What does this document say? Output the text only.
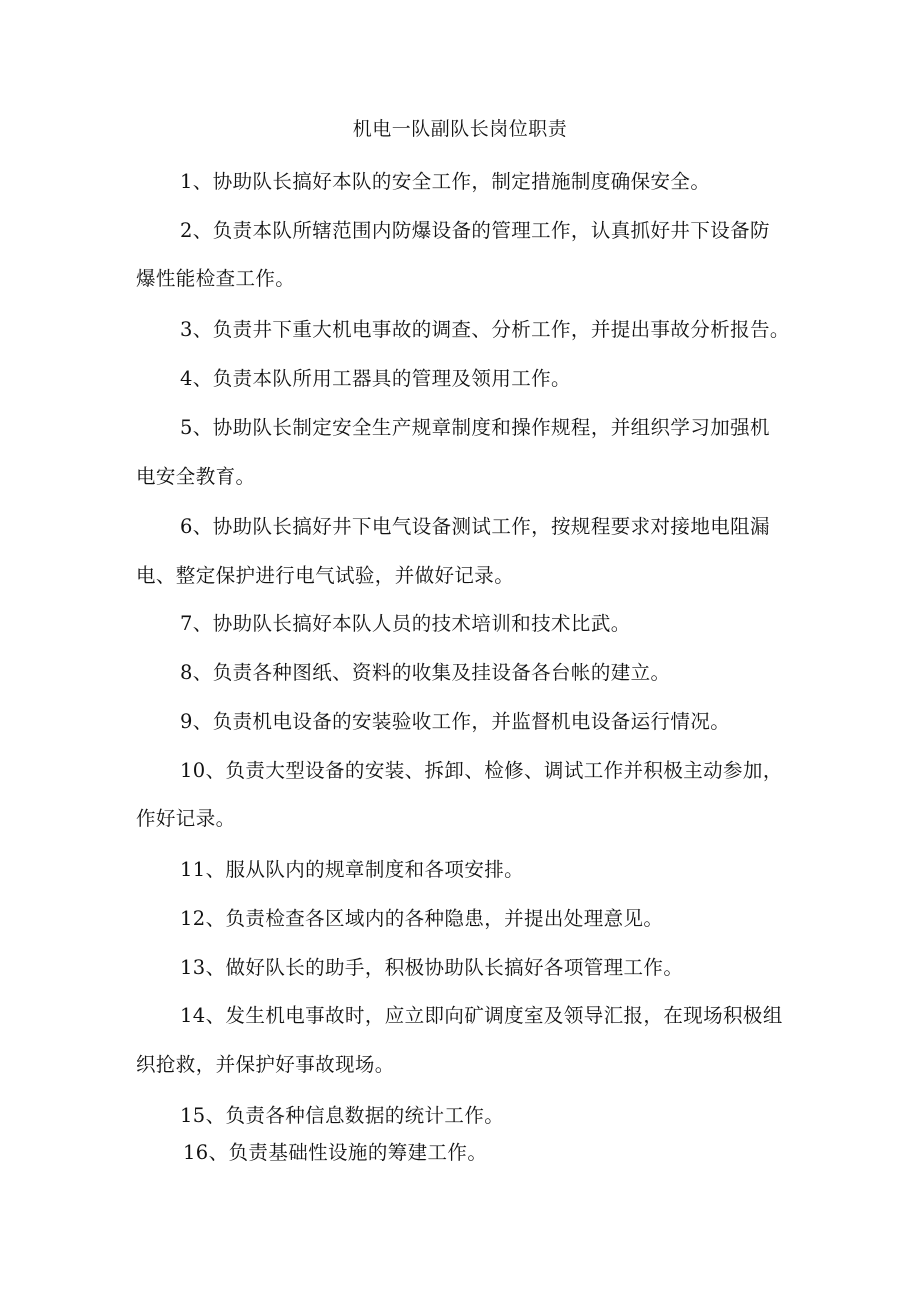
机电一队副队长岗位职责
1、协助队长搞好本队的安全工作，制定措施制度确保安全。
2、负责本队所辖范围内防爆设备的管理工作，认真抓好井下设备防
爆性能检查工作。
3、负责井下重大机电事故的调查、分析工作，并提出事故分析报告。
4、负责本队所用工器具的管理及领用工作。
5、协助队长制定安全生产规章制度和操作规程，并组织学习加强机
电安全教育。
6、协助队长搞好井下电气设备测试工作，按规程要求对接地电阻漏
电、整定保护进行电气试验，并做好记录。
7、协助队长搞好本队人员的技术培训和技术比武。
8、负责各种图纸、资料的收集及挂设备各台帐的建立。
9、负责机电设备的安装验收工作，并监督机电设备运行情况。
10、负责大型设备的安装、拆卸、检修、调试工作并积极主动参加，
作好记录。
11、服从队内的规章制度和各项安排。
12、负责检查各区域内的各种隐患，并提出处理意见。
13、做好队长的助手，积极协助队长搞好各项管理工作。
14、发生机电事故时，应立即向矿调度室及领导汇报，在现场积极组
织抢救，并保护好事故现场。
15、负责各种信息数据的统计工作。
16、负责基础性设施的筹建工作。
